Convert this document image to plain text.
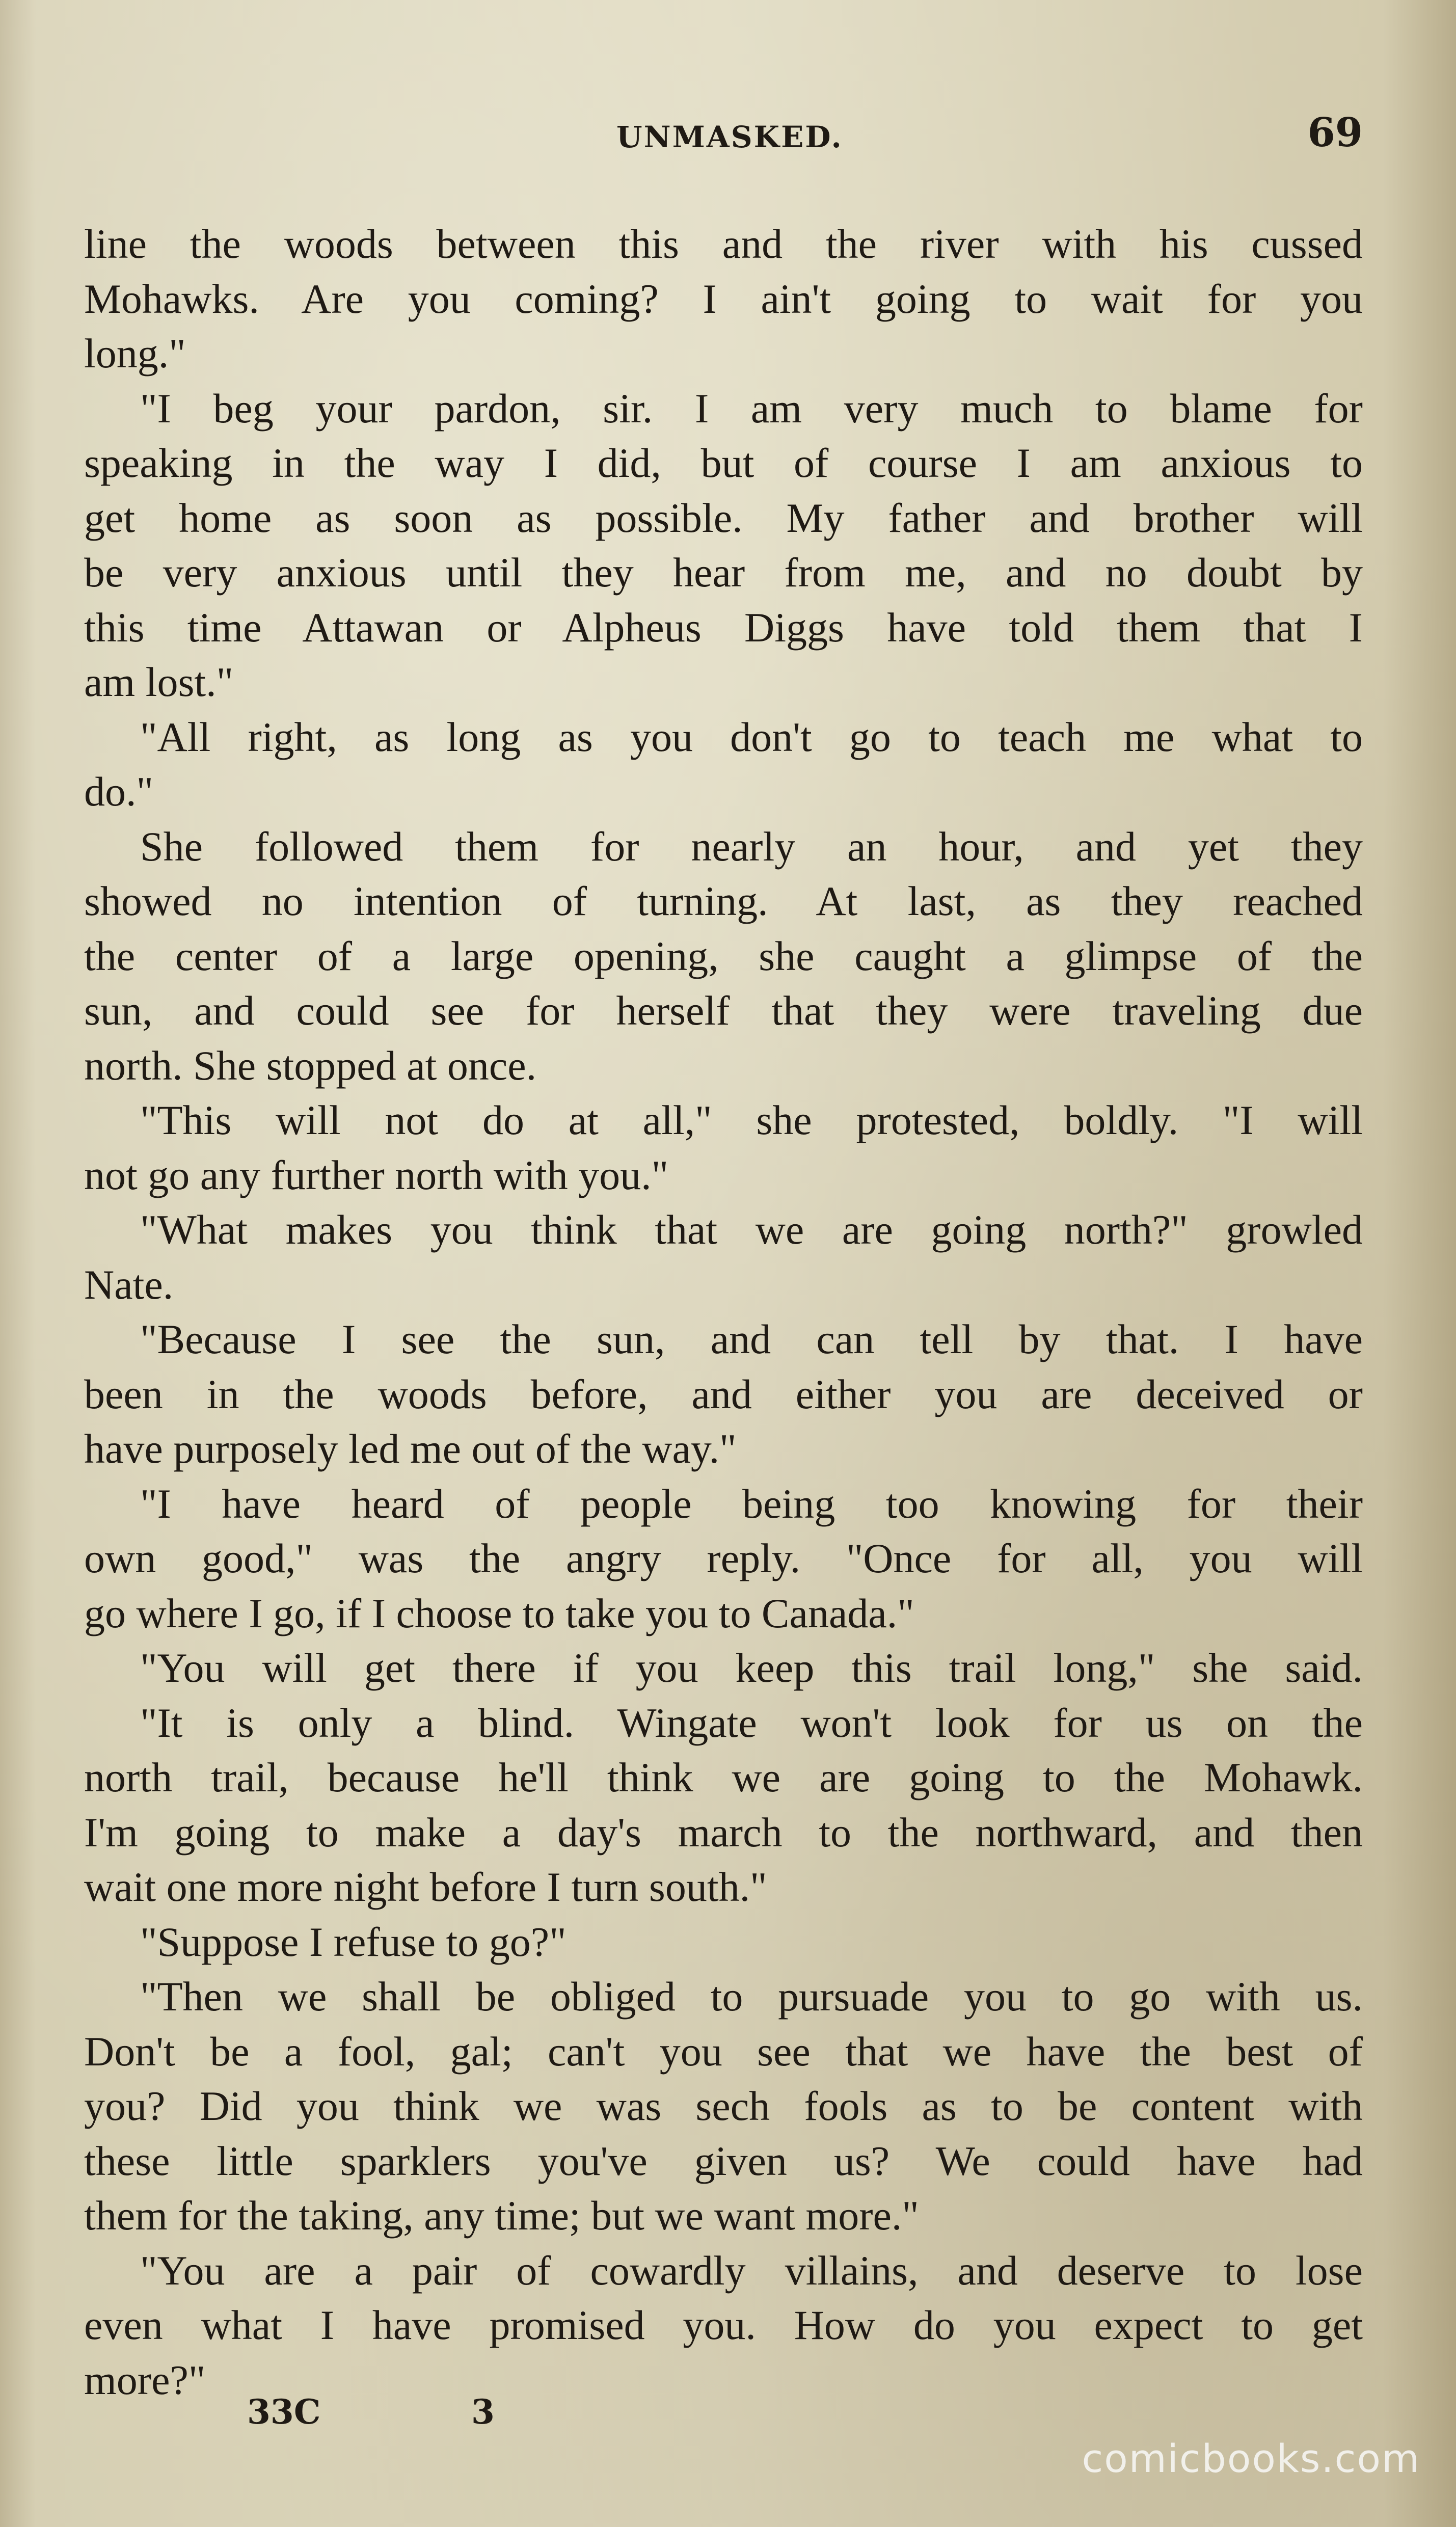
UNMASKED.	69
line the woods between this and the river with his cussed
Mohawks. Are you coming? I ain't going to wait for you
long."
"I beg your pardon, sir. I am very much to blame for
speaking in the way I did, but of course I am anxious to
get home as soon as possible. My father and brother will
be very anxious until they hear from me, and no doubt by
this time Attawan or Alpheus Diggs have told them that I
am lost."
"All right, as long as you don't go to teach me what to
do."
She followed them for nearly an hour, and yet they
showed no intention of turning. At last, as they reached
the center of a large opening, she caught a glimpse of the
sun, and could see for herself that they were traveling due
north. She stopped at once.
"This will not do at all," she protested, boldly. "I will
not go any further north with you."
"What makes you think that we are going north?" growled
Nate.
"Because I see the sun, and can tell by that. I have
been in the woods before, and either you are deceived or
have purposely led me out of the way."
"I have heard of people being too knowing for their
own good," was the angry reply. "Once for all, you will
go where I go, if I choose to take you to Canada."
"You will get there if you keep this trail long," she said.
"It is only a blind. Wingate won't look for us on the
north trail, because he'll think we are going to the Mohawk.
I'm going to make a day's march to the northward, and then
wait one more night before I turn south."
"Suppose I refuse to go?"
"Then we shall be obliged to pursuade you to go with us.
Don't be a fool, gal; can't you see that we have the best of
you? Did you think we was sech fools as to be content with
these little sparklers you've given us? We could have had
them for the taking, any time; but we want more."
"You are a pair of cowardly villains, and deserve to lose
even what I have promised you. How do you expect to get
more?"
33C	3
comicbooks.com
